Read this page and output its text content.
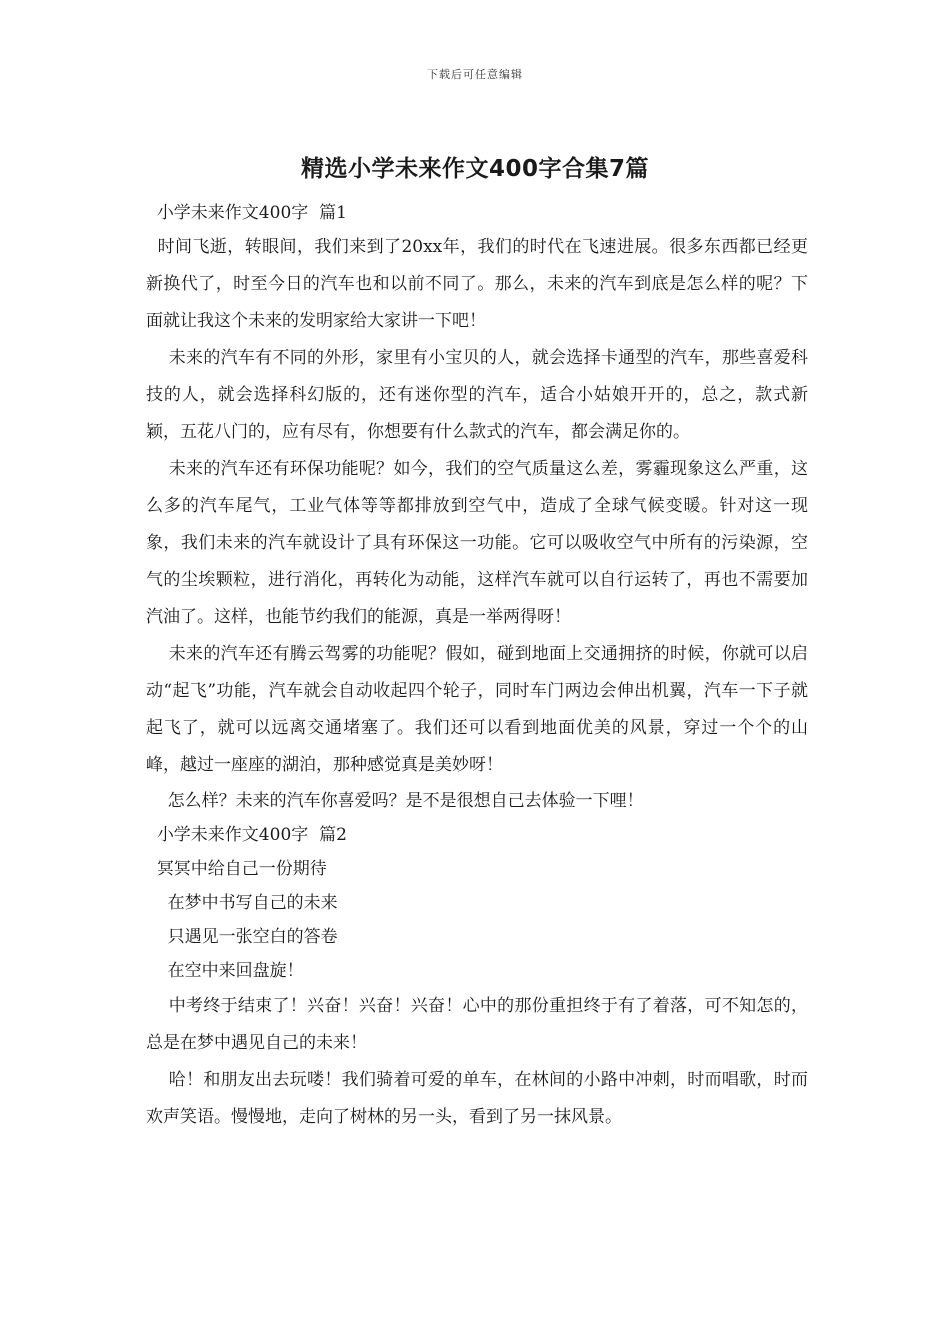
下载后可任意编辑
精选小学未来作文400字合集7篇

小学未来作文400字  篇1

时间飞逝，转眼间，我们来到了20xx年，我们的时代在飞速进展。很多东西都已经更新换代了，时至今日的汽车也和以前不同了。那么，未来的汽车到底是怎么样的呢？下面就让我这个未来的发明家给大家讲一下吧！

未来的汽车有不同的外形，家里有小宝贝的人，就会选择卡通型的汽车，那些喜爱科技的人，就会选择科幻版的，还有迷你型的汽车，适合小姑娘开开的，总之，款式新颖，五花八门的，应有尽有，你想要有什么款式的汽车，都会满足你的。

未来的汽车还有环保功能呢？如今，我们的空气质量这么差，雾霾现象这么严重，这么多的汽车尾气，工业气体等等都排放到空气中，造成了全球气候变暖。针对这一现象，我们未来的汽车就设计了具有环保这一功能。它可以吸收空气中所有的污染源，空气的尘埃颗粒，进行消化，再转化为动能，这样汽车就可以自行运转了，再也不需要加汽油了。这样，也能节约我们的能源，真是一举两得呀！

未来的汽车还有腾云驾雾的功能呢？假如，碰到地面上交通拥挤的时候，你就可以启动“起飞”功能，汽车就会自动收起四个轮子，同时车门两边会伸出机翼，汽车一下子就起飞了，就可以远离交通堵塞了。我们还可以看到地面优美的风景，穿过一个个的山峰，越过一座座的湖泊，那种感觉真是美妙呀！

怎么样？未来的汽车你喜爱吗？是不是很想自己去体验一下哩！

小学未来作文400字  篇2

冥冥中给自己一份期待

在梦中书写自己的未来

只遇见一张空白的答卷

在空中来回盘旋！

中考终于结束了！兴奋！兴奋！兴奋！心中的那份重担终于有了着落，可不知怎的，总是在梦中遇见自己的未来！

哈！和朋友出去玩喽！我们骑着可爱的单车，在林间的小路中冲刺，时而唱歌，时而欢声笑语。慢慢地，走向了树林的另一头，看到了另一抹风景。
